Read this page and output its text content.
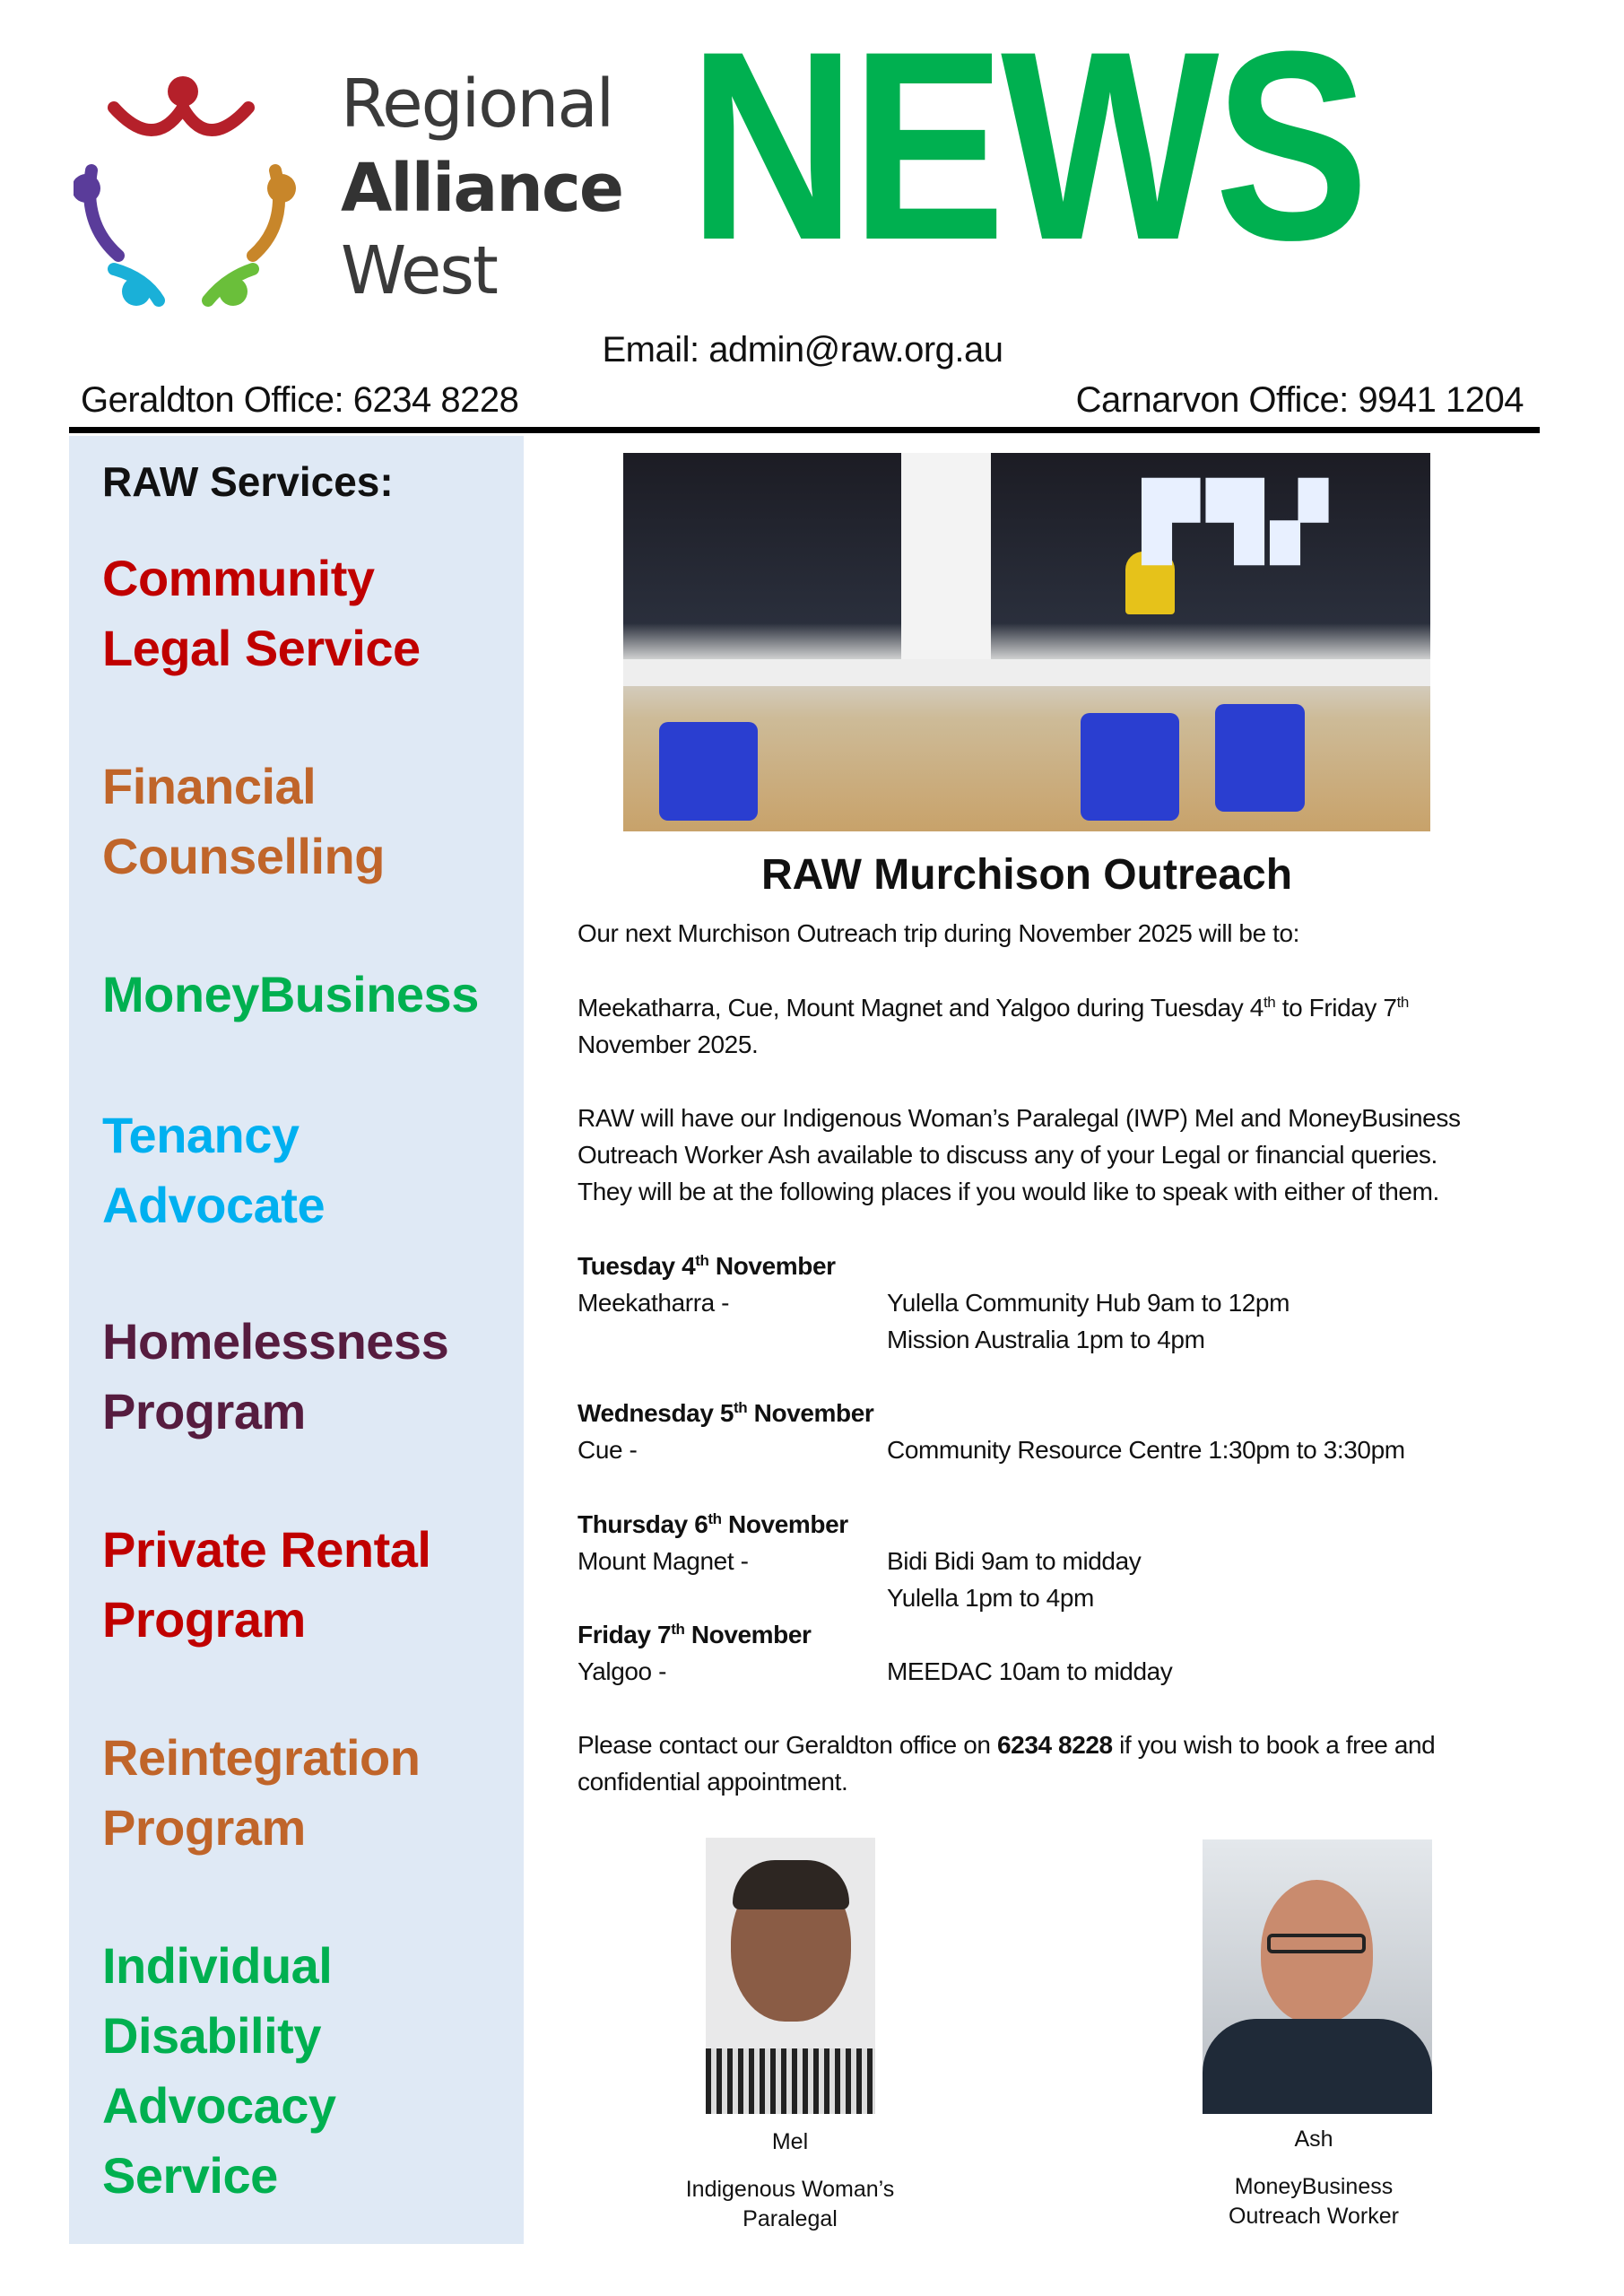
Regional
Alliance
West NEWS
Email: admin@raw.org.au
Geraldton Office: 6234 8228	Carnarvon Office: 9941 1204
RAW Services:
Community
Legal Service
Financial
Counselling
MoneyBusiness
Tenancy
Advocate
Homelessness
Program
Private Rental
Program
Reintegration
Program
Individual
Disability
Advocacy
Service
▛▜▞
RAW Murchison Outreach
Our next Murchison Outreach trip during November 2025 will be to:
Meekatharra, Cue, Mount Magnet and Yalgoo during Tuesday 4th to Friday 7th
November 2025.
RAW will have our Indigenous Woman’s Paralegal (IWP) Mel and MoneyBusiness
Outreach Worker Ash available to discuss any of your Legal or financial queries.
They will be at the following places if you would like to speak with either of them.
Tuesday 4th November
Meekatharra -	Yulella Community Hub 9am to 12pm
Mission Australia 1pm to 4pm
Wednesday 5th November
Cue -	Community Resource Centre 1:30pm to 3:30pm
Thursday 6th November
Mount Magnet -	Bidi Bidi 9am to midday
Yulella 1pm to 4pm
Friday 7th November
Yalgoo -	MEEDAC 10am to midday
Please contact our Geraldton office on 6234 8228 if you wish to book a free and
confidential appointment.
Mel
Indigenous Woman’s
Paralegal
Ash
MoneyBusiness
Outreach Worker
